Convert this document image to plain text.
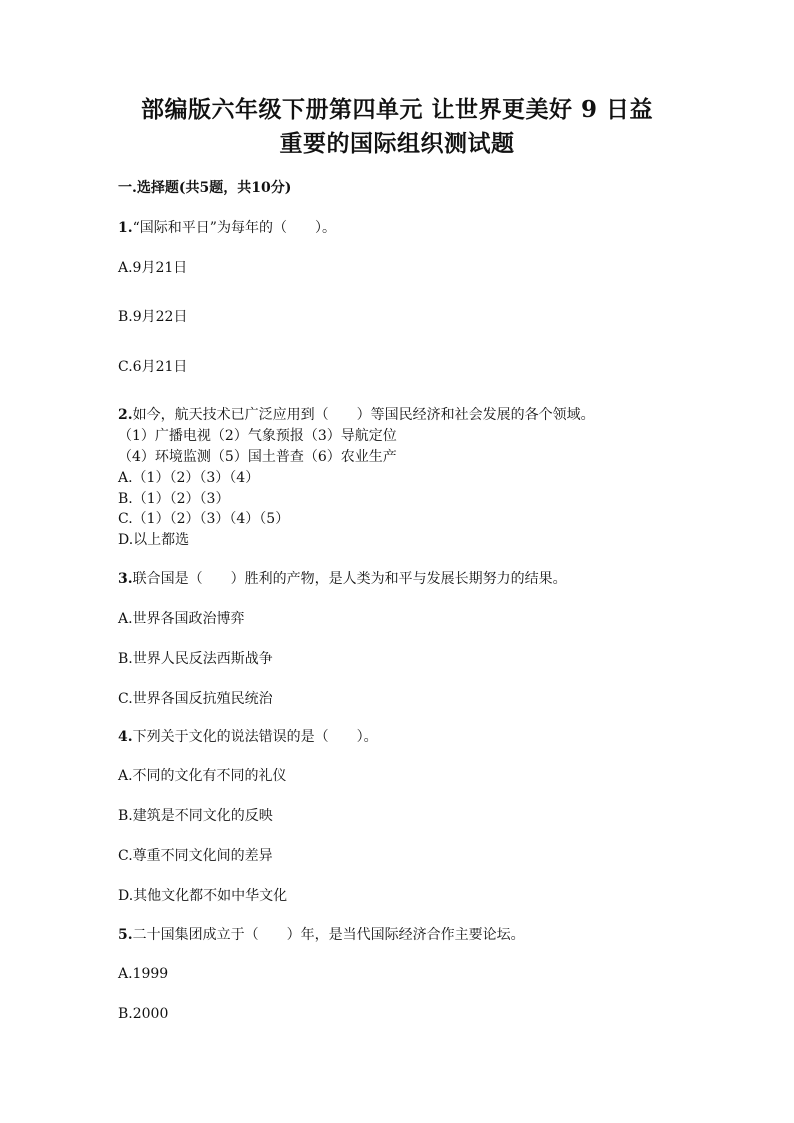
部编版六年级下册第四单元 让世界更美好 9 日益
重要的国际组织测试题
一.选择题(共5题，共10分)
1.“国际和平日”为每年的（　　）。
A.9月21日
B.9月22日
C.6月21日
2.如今，航天技术已广泛应用到（　　）等国民经济和社会发展的各个领域。
（1）广播电视（2）气象预报（3）导航定位
（4）环境监测（5）国土普查（6）农业生产
A.（1）（2）（3）（4）
B.（1）（2）（3）
C.（1）（2）（3）（4）（5）
D.以上都选
3.联合国是（　　）胜利的产物，是人类为和平与发展长期努力的结果。
A.世界各国政治博弈
B.世界人民反法西斯战争
C.世界各国反抗殖民统治
4.下列关于文化的说法错误的是（　　）。
A.不同的文化有不同的礼仪
B.建筑是不同文化的反映
C.尊重不同文化间的差异
D.其他文化都不如中华文化
5.二十国集团成立于（　　）年，是当代国际经济合作主要论坛。
A.1999
B.2000
